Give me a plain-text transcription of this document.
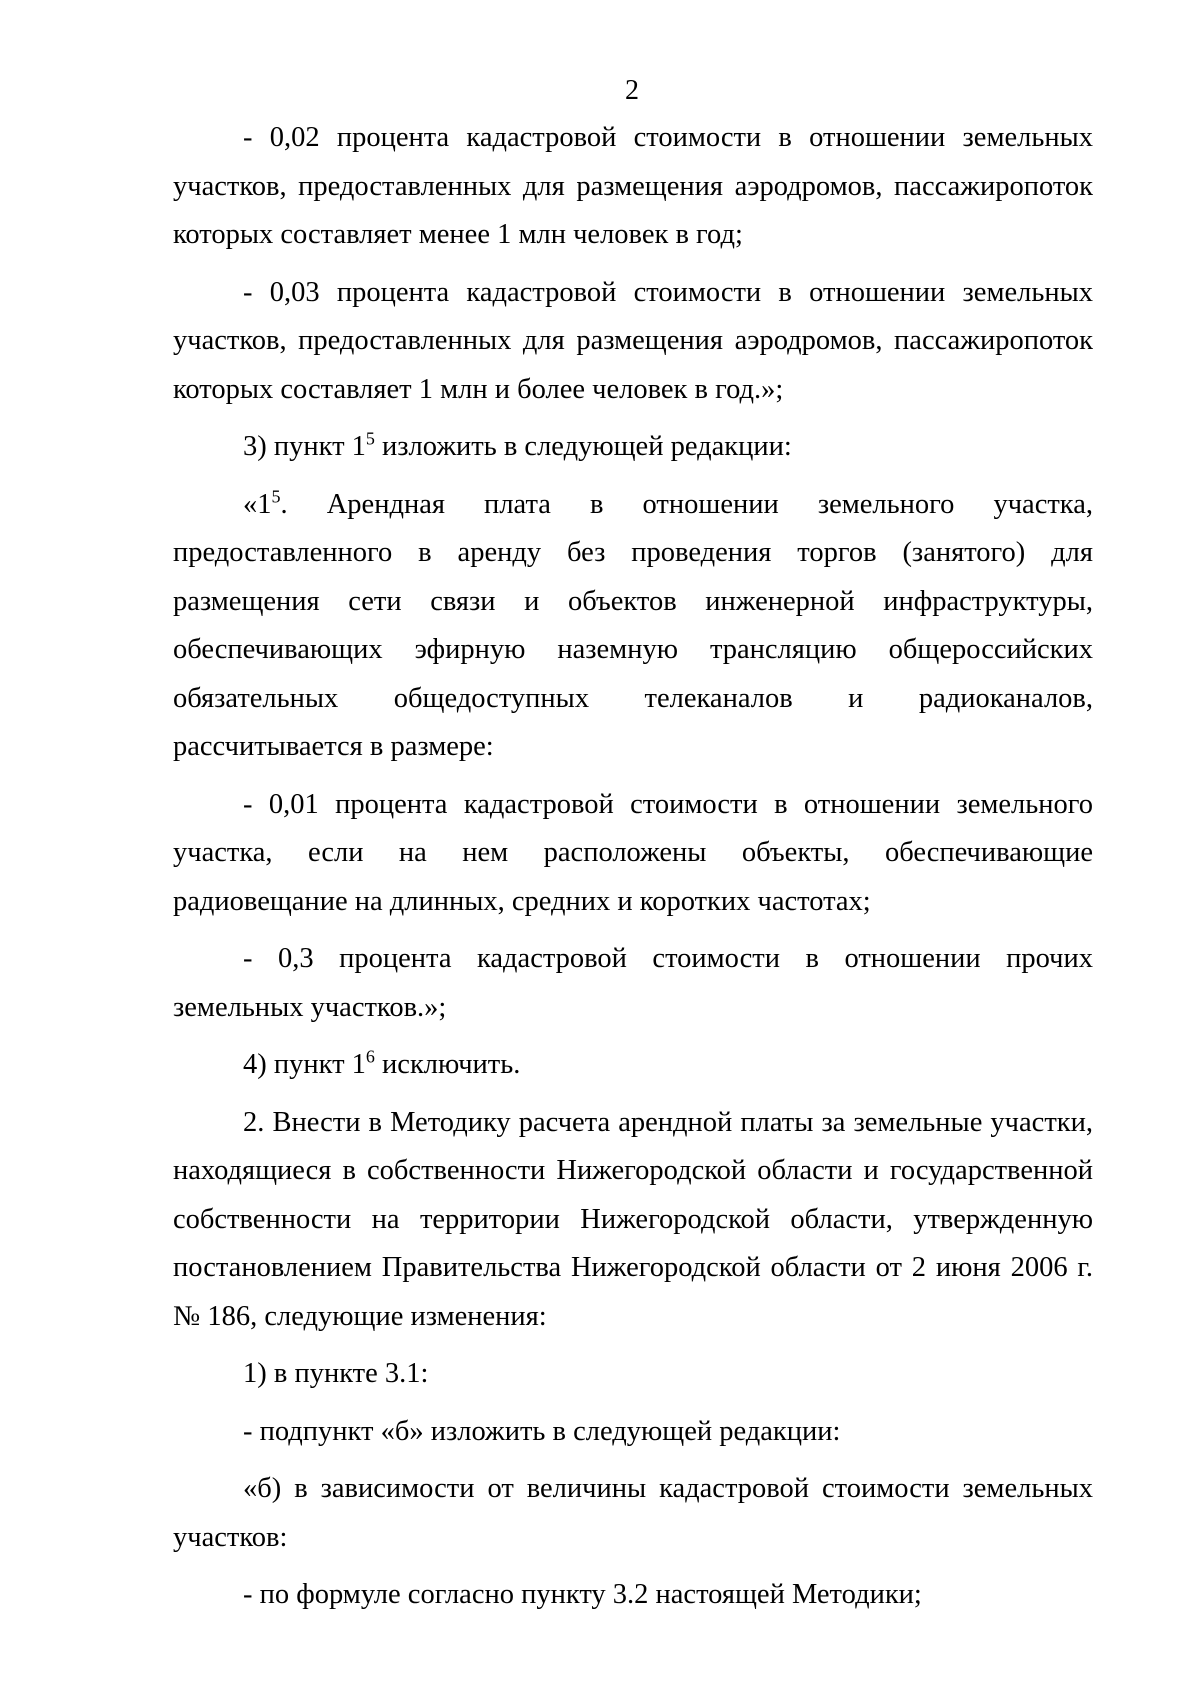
2

- 0,02 процента кадастровой стоимости в отношении земельных участков, предоставленных для размещения аэродромов, пассажиропоток которых составляет менее 1 млн человек в год;

- 0,03 процента кадастровой стоимости в отношении земельных участков, предоставленных для размещения аэродромов, пассажиропоток которых составляет 1 млн и более человек в год.»;

3) пункт $1^5$ изложить в следующей редакции:

«$1^5$. Арендная плата в отношении земельного участка, предоставленного в аренду без проведения торгов (занятого) для размещения сети связи и объектов инженерной инфраструктуры, обеспечивающих эфирную наземную трансляцию общероссийских обязательных общедоступных телеканалов и радиоканалов, рассчитывается в размере:

- 0,01 процента кадастровой стоимости в отношении земельного участка, если на нем расположены объекты, обеспечивающие радиовещание на длинных, средних и коротких частотах;

- 0,3 процента кадастровой стоимости в отношении прочих земельных участков.»;

4) пункт $1^6$ исключить.

2. Внести в Методику расчета арендной платы за земельные участки, находящиеся в собственности Нижегородской области и государственной собственности на территории Нижегородской области, утвержденную постановлением Правительства Нижегородской области от 2 июня 2006 г. № 186, следующие изменения:

1) в пункте 3.1:

- подпункт «б» изложить в следующей редакции:

«б) в зависимости от величины кадастровой стоимости земельных участков:

- по формуле согласно пункту 3.2 настоящей Методики;
